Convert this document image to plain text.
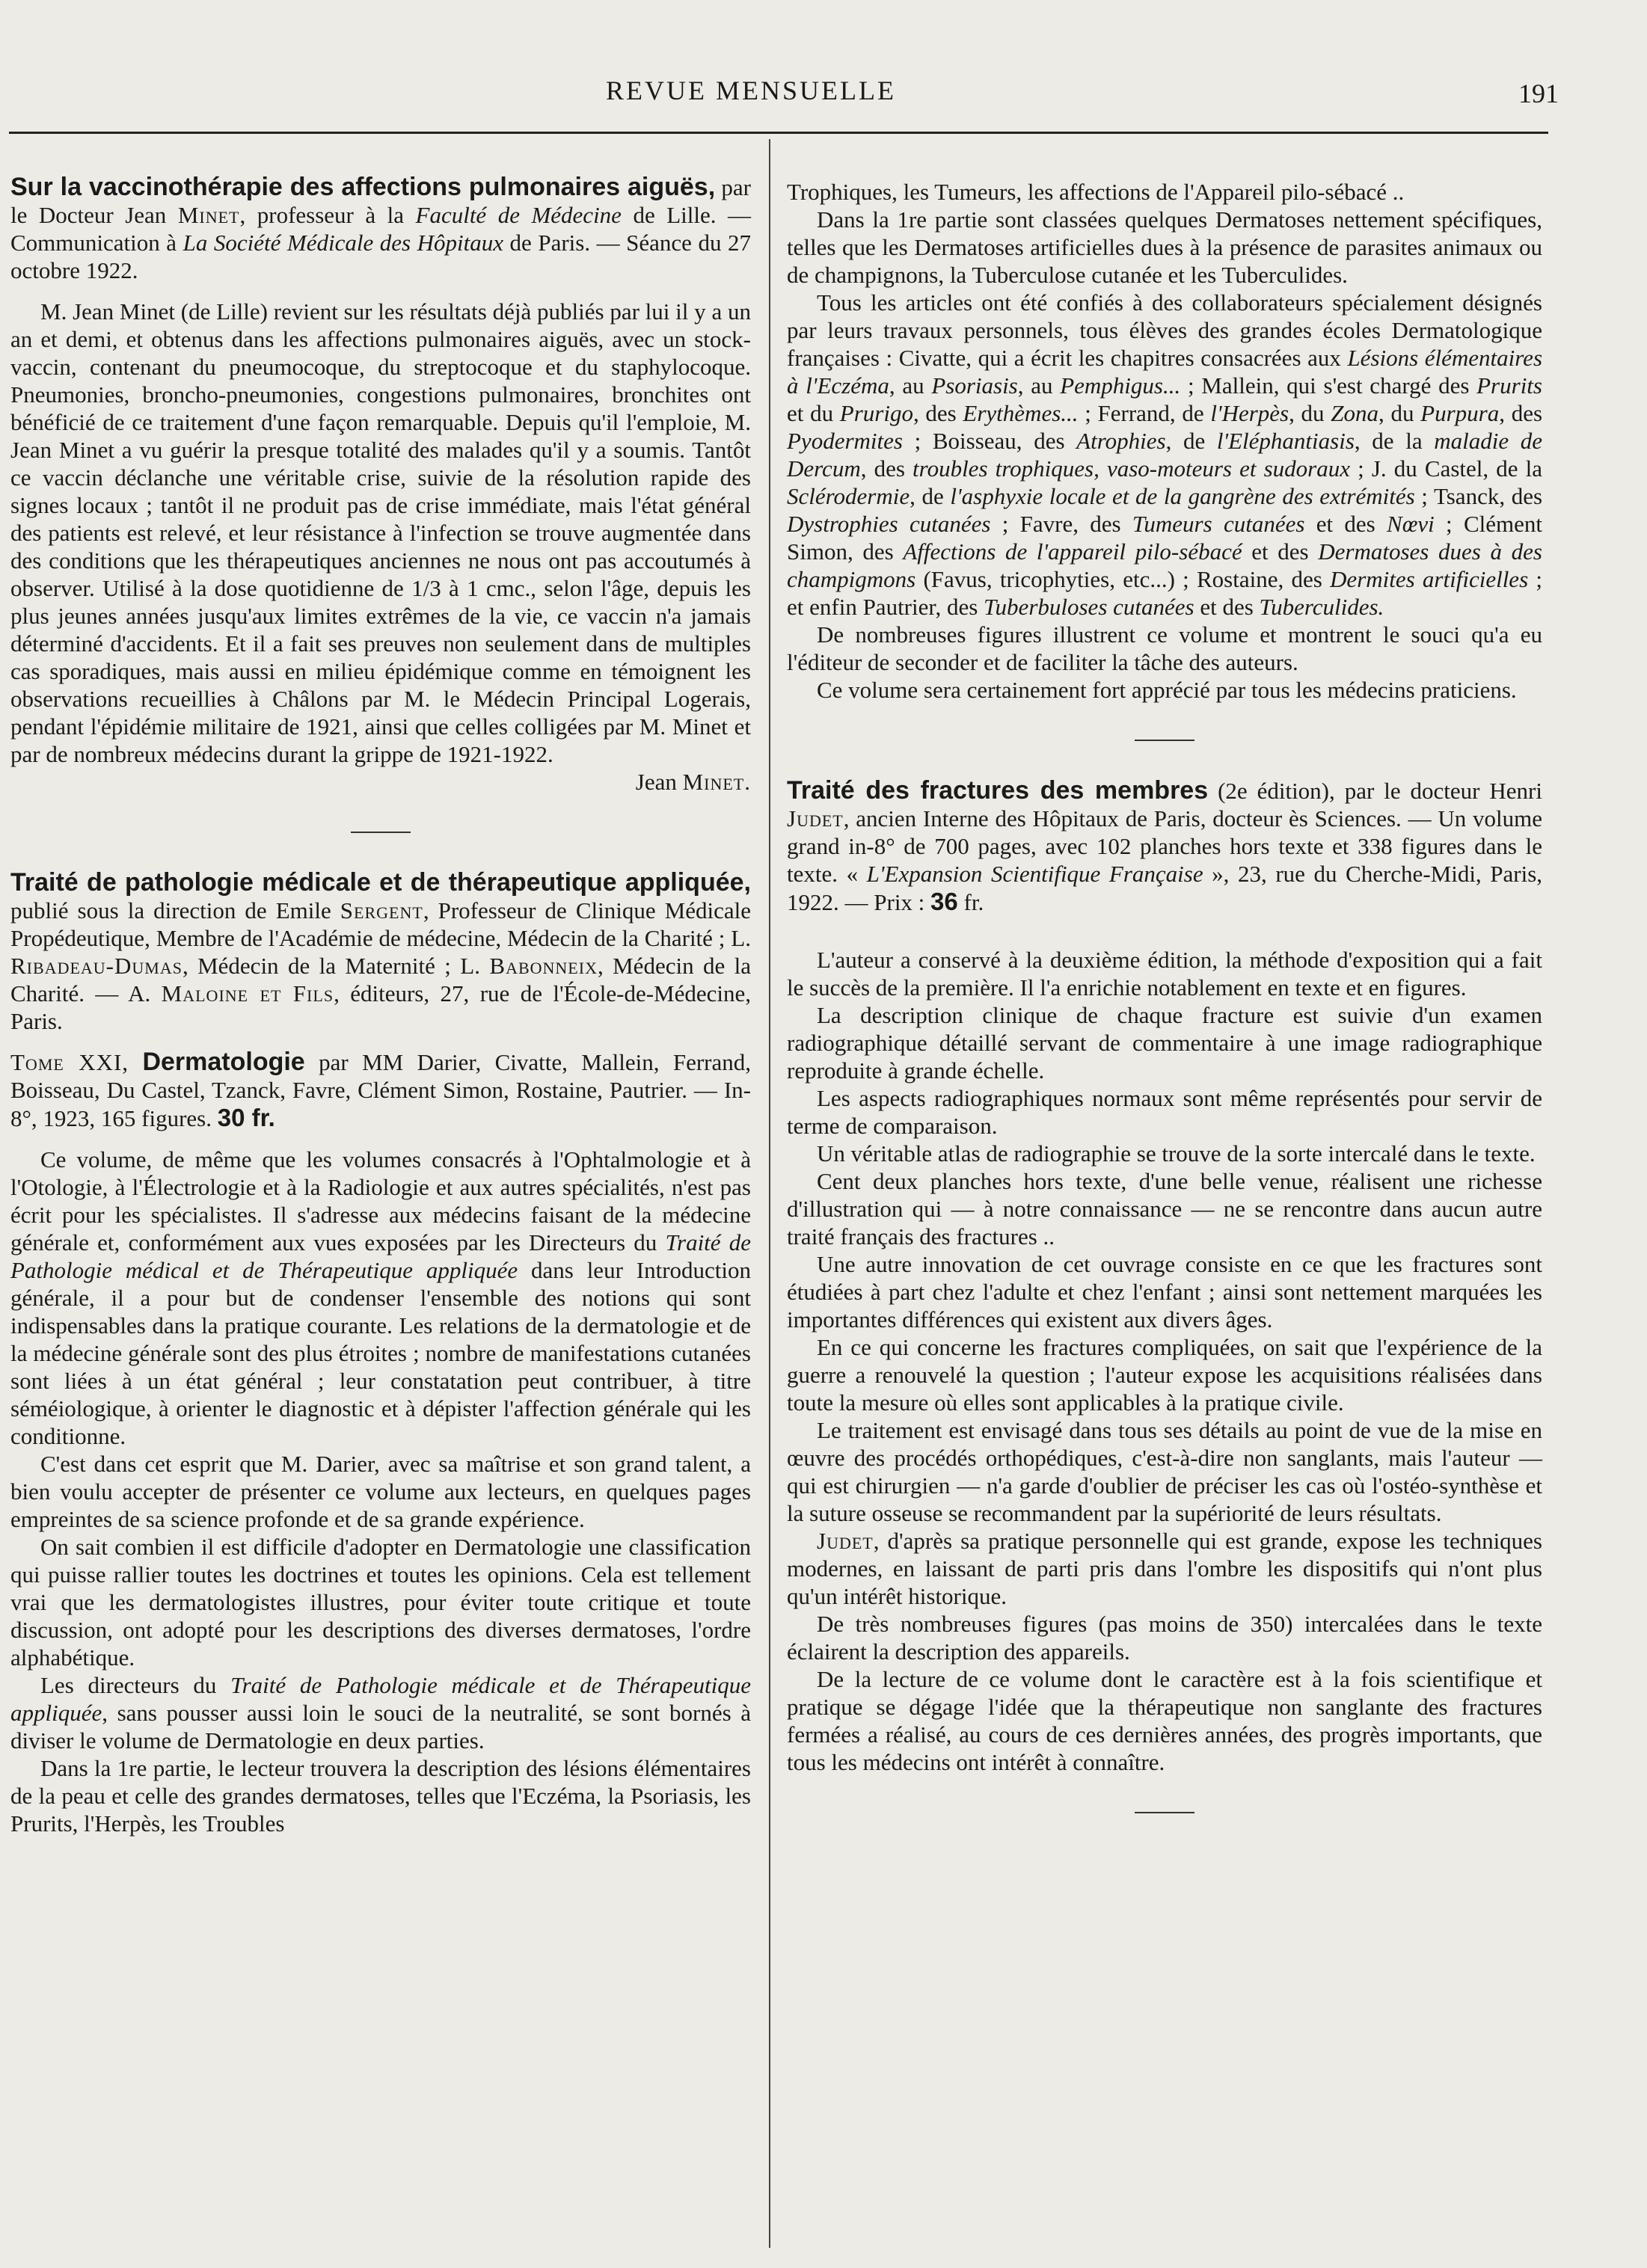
REVUE MENSUELLE	191

Sur la vaccinothérapie des affections pulmonaires aiguës, par le Docteur Jean Minet, professeur à la Faculté de Médecine de Lille. — Communication à La Société Médicale des Hôpitaux de Paris. — Séance du 27 octobre 1922.

M. Jean Minet (de Lille) revient sur les résultats déjà publiés par lui il y a un an et demi, et obtenus dans les affections pulmonaires aiguës, avec un stock-vaccin, contenant du pneumocoque, du streptocoque et du staphylocoque. Pneumonies, broncho-pneumonies, congestions pulmonaires, bronchites ont bénéficié de ce traitement d'une façon remarquable. Depuis qu'il l'emploie, M. Jean Minet a vu guérir la presque totalité des malades qu'il y a soumis. Tantôt ce vaccin déclanche une véritable crise, suivie de la résolution rapide des signes locaux ; tantôt il ne produit pas de crise immédiate, mais l'état général des patients est relevé, et leur résistance à l'infection se trouve augmentée dans des conditions que les thérapeutiques anciennes ne nous ont pas accoutumés à observer. Utilisé à la dose quotidienne de 1/3 à 1 cmc., selon l'âge, depuis les plus jeunes années jusqu'aux limites extrêmes de la vie, ce vaccin n'a jamais déterminé d'accidents. Et il a fait ses preuves non seulement dans de multiples cas sporadiques, mais aussi en milieu épidémique comme en témoignent les observations recueillies à Châlons par M. le Médecin Principal Logerais, pendant l'épidémie militaire de 1921, ainsi que celles colligées par M. Minet et par de nombreux médecins durant la grippe de 1921-1922.

Jean Minet.

Traité de pathologie médicale et de thérapeutique appliquée, publié sous la direction de Emile Sergent, Professeur de Clinique Médicale Propédeutique, Membre de l'Académie de médecine, Médecin de la Charité ; L. Ribadeau-Dumas, Médecin de la Maternité ; L. Babonneix, Médecin de la Charité. — A. Maloine et Fils, éditeurs, 27, rue de l'École-de-Médecine, Paris.

Tome XXI, Dermatologie par MM Darier, Civatte, Mallein, Ferrand, Boisseau, Du Castel, Tzanck, Favre, Clément Simon, Rostaine, Pautrier. — In-8°, 1923, 165 figures. 30 fr.

Ce volume, de même que les volumes consacrés à l'Ophtalmologie et à l'Otologie, à l'Électrologie et à la Radiologie et aux autres spécialités, n'est pas écrit pour les spécialistes. Il s'adresse aux médecins faisant de la médecine générale et, conformément aux vues exposées par les Directeurs du Traité de Pathologie médical et de Thérapeutique appliquée dans leur Introduction générale, il a pour but de condenser l'ensemble des notions qui sont indispensables dans la pratique courante. Les relations de la dermatologie et de la médecine générale sont des plus étroites ; nombre de manifestations cutanées sont liées à un état général ; leur constatation peut contribuer, à titre séméiologique, à orienter le diagnostic et à dépister l'affection générale qui les conditionne.

C'est dans cet esprit que M. Darier, avec sa maîtrise et son grand talent, a bien voulu accepter de présenter ce volume aux lecteurs, en quelques pages empreintes de sa science profonde et de sa grande expérience.

On sait combien il est difficile d'adopter en Dermatologie une classification qui puisse rallier toutes les doctrines et toutes les opinions. Cela est tellement vrai que les dermatologistes illustres, pour éviter toute critique et toute discussion, ont adopté pour les descriptions des diverses dermatoses, l'ordre alphabétique.

Les directeurs du Traité de Pathologie médicale et de Thérapeutique appliquée, sans pousser aussi loin le souci de la neutralité, se sont bornés à diviser le volume de Dermatologie en deux parties.

Dans la 1re partie, le lecteur trouvera la description des lésions élémentaires de la peau et celle des grandes dermatoses, telles que l'Eczéma, la Psoriasis, les Prurits, l'Herpès, les Troubles

Trophiques, les Tumeurs, les affections de l'Appareil pilo-sébacé ..

Dans la 1re partie sont classées quelques Dermatoses nettement spécifiques, telles que les Dermatoses artificielles dues à la présence de parasites animaux ou de champignons, la Tuberculose cutanée et les Tuberculides.

Tous les articles ont été confiés à des collaborateurs spécialement désignés par leurs travaux personnels, tous élèves des grandes écoles Dermatologique françaises : Civatte, qui a écrit les chapitres consacrées aux Lésions élémentaires à l'Eczéma, au Psoriasis, au Pemphigus... ; Mallein, qui s'est chargé des Prurits et du Prurigo, des Erythèmes... ; Ferrand, de l'Herpès, du Zona, du Purpura, des Pyodermites ; Boisseau, des Atrophies, de l'Eléphantiasis, de la maladie de Dercum, des troubles trophiques, vaso-moteurs et sudoraux ; J. du Castel, de la Sclérodermie, de l'asphyxie locale et de la gangrène des extrémités ; Tsanck, des Dystrophies cutanées ; Favre, des Tumeurs cutanées et des Nœvi ; Clément Simon, des Affections de l'appareil pilo-sébacé et des Dermatoses dues à des champigmons (Favus, tricophyties, etc...) ; Rostaine, des Dermites artificielles ; et enfin Pautrier, des Tuberbuloses cutanées et des Tuberculides.

De nombreuses figures illustrent ce volume et montrent le souci qu'a eu l'éditeur de seconder et de faciliter la tâche des auteurs.

Ce volume sera certainement fort apprécié par tous les médecins praticiens.

Traité des fractures des membres (2e édition), par le docteur Henri Judet, ancien Interne des Hôpitaux de Paris, docteur ès Sciences. — Un volume grand in-8° de 700 pages, avec 102 planches hors texte et 338 figures dans le texte. « L'Expansion Scientifique Française », 23, rue du Cherche-Midi, Paris, 1922. — Prix : 36 fr.

L'auteur a conservé à la deuxième édition, la méthode d'exposition qui a fait le succès de la première. Il l'a enrichie notablement en texte et en figures.

La description clinique de chaque fracture est suivie d'un examen radiographique détaillé servant de commentaire à une image radiographique reproduite à grande échelle.

Les aspects radiographiques normaux sont même représentés pour servir de terme de comparaison.

Un véritable atlas de radiographie se trouve de la sorte intercalé dans le texte.

Cent deux planches hors texte, d'une belle venue, réalisent une richesse d'illustration qui — à notre connaissance — ne se rencontre dans aucun autre traité français des fractures ..

Une autre innovation de cet ouvrage consiste en ce que les fractures sont étudiées à part chez l'adulte et chez l'enfant ; ainsi sont nettement marquées les importantes différences qui existent aux divers âges.

En ce qui concerne les fractures compliquées, on sait que l'expérience de la guerre a renouvelé la question ; l'auteur expose les acquisitions réalisées dans toute la mesure où elles sont applicables à la pratique civile.

Le traitement est envisagé dans tous ses détails au point de vue de la mise en œuvre des procédés orthopédiques, c'est-à-dire non sanglants, mais l'auteur — qui est chirurgien — n'a garde d'oublier de préciser les cas où l'ostéo-synthèse et la suture osseuse se recommandent par la supériorité de leurs résultats.

Judet, d'après sa pratique personnelle qui est grande, expose les techniques modernes, en laissant de parti pris dans l'ombre les dispositifs qui n'ont plus qu'un intérêt historique.

De très nombreuses figures (pas moins de 350) intercalées dans le texte éclairent la description des appareils.

De la lecture de ce volume dont le caractère est à la fois scientifique et pratique se dégage l'idée que la thérapeutique non sanglante des fractures fermées a réalisé, au cours de ces dernières années, des progrès importants, que tous les médecins ont intérêt à connaître.
